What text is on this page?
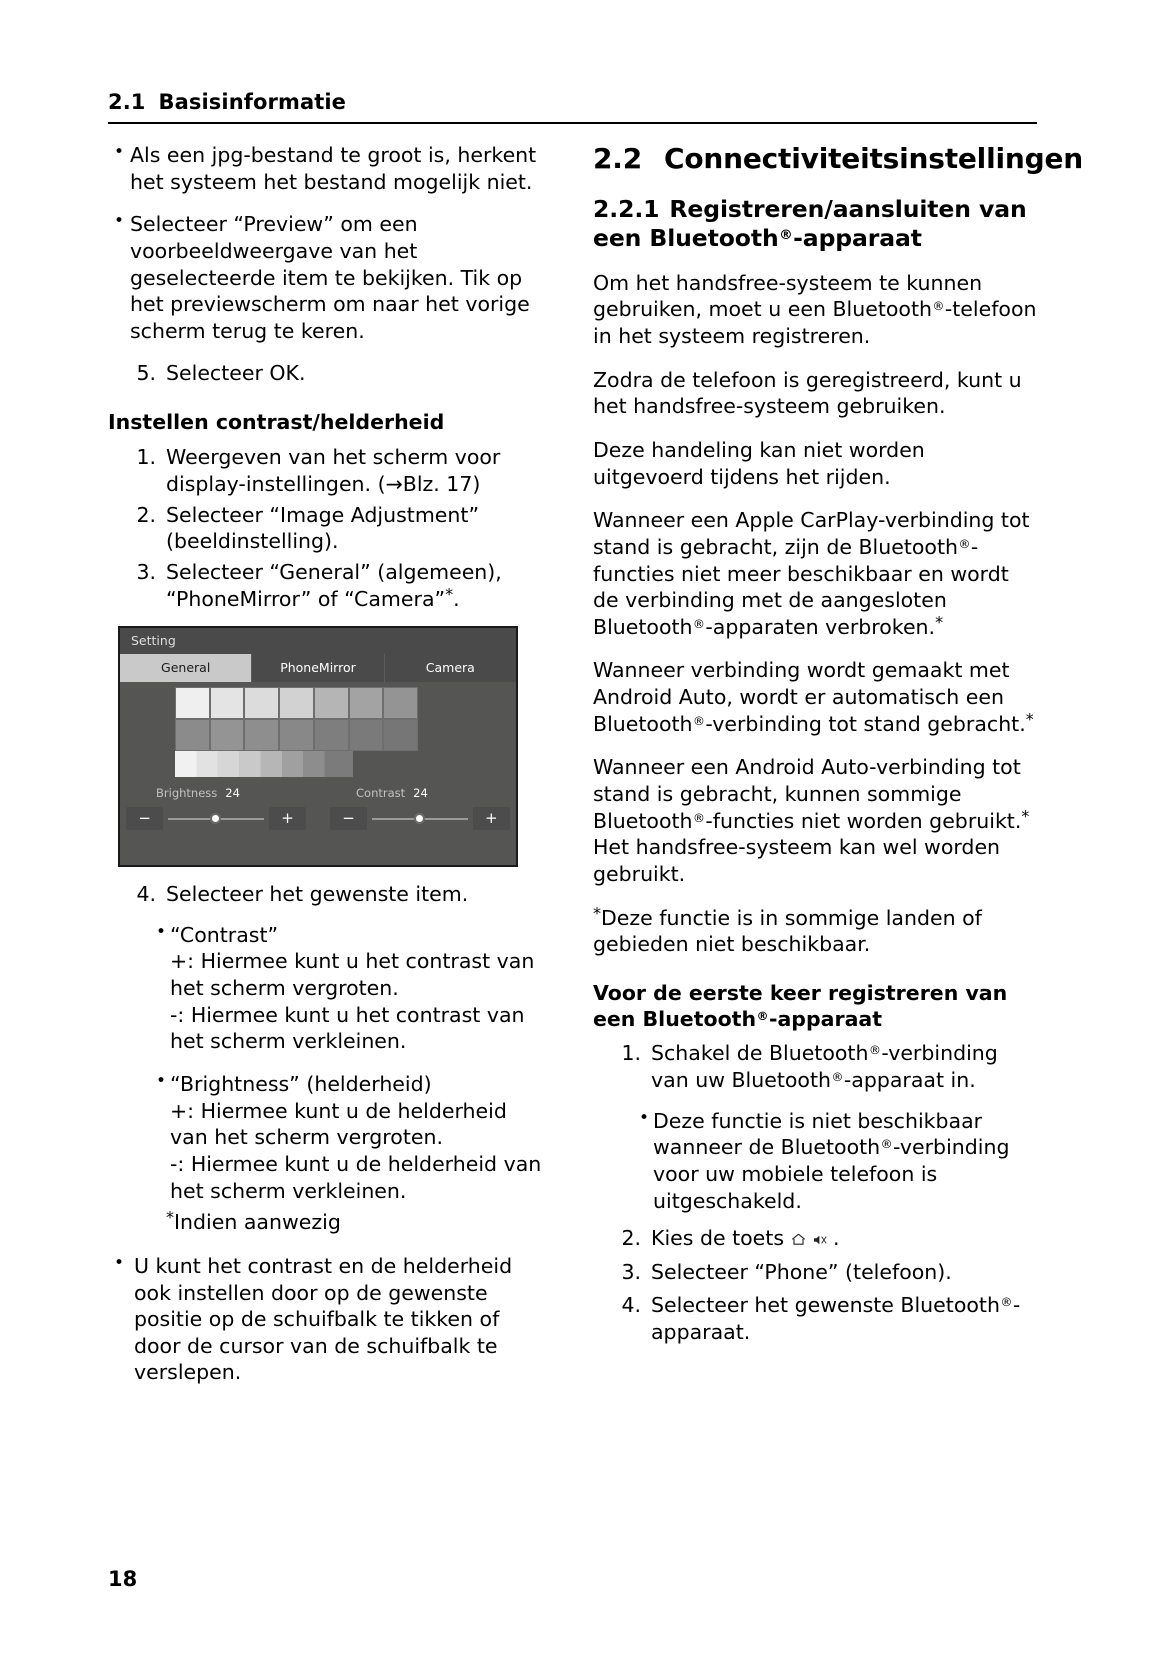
2.1 Basisinformatie
• Als een jpg-bestand te groot is, herkent het systeem het bestand mogelijk niet.
• Selecteer “Preview” om een voorbeeldweergave van het geselecteerde item te bekijken. Tik op het previewscherm om naar het vorige scherm terug te keren.
5. Selecteer OK.
Instellen contrast/helderheid
1. Weergeven van het scherm voor display-instellingen. (→Blz. 17)
2. Selecteer “Image Adjustment” (beeldinstelling).
3. Selecteer “General” (algemeen), “PhoneMirror” of “Camera”*.
Setting
General	PhoneMirror	Camera
Brightness 24	Contrast 24
−	+	−	+
4. Selecteer het gewenste item.
• “Contrast”
+: Hiermee kunt u het contrast van het scherm vergroten.
-: Hiermee kunt u het contrast van het scherm verkleinen.
• “Brightness” (helderheid)
+: Hiermee kunt u de helderheid van het scherm vergroten.
-: Hiermee kunt u de helderheid van het scherm verkleinen.
*Indien aanwezig
• U kunt het contrast en de helderheid ook instellen door op de gewenste positie op de schuifbalk te tikken of door de cursor van de schuifbalk te verslepen.
2.2 Connectiviteitsinstellingen
2.2.1 Registreren/aansluiten van een Bluetooth®-apparaat

Om het handsfree-systeem te kunnen gebruiken, moet u een Bluetooth®-telefoon in het systeem registreren.

Zodra de telefoon is geregistreerd, kunt u het handsfree-systeem gebruiken.

Deze handeling kan niet worden uitgevoerd tijdens het rijden.

Wanneer een Apple CarPlay-verbinding tot stand is gebracht, zijn de Bluetooth®-functies niet meer beschikbaar en wordt de verbinding met de aangesloten Bluetooth®-apparaten verbroken.*

Wanneer verbinding wordt gemaakt met Android Auto, wordt er automatisch een Bluetooth®-verbinding tot stand gebracht.*

Wanneer een Android Auto-verbinding tot stand is gebracht, kunnen sommige Bluetooth®-functies niet worden gebruikt.* Het handsfree-systeem kan wel worden gebruikt.

*Deze functie is in sommige landen of gebieden niet beschikbaar.

Voor de eerste keer registreren van een Bluetooth®-apparaat
1. Schakel de Bluetooth®-verbinding van uw Bluetooth®-apparaat in.
• Deze functie is niet beschikbaar wanneer de Bluetooth®-verbinding voor uw mobiele telefoon is uitgeschakeld.
2. Kies de toets .
3. Selecteer “Phone” (telefoon).
4. Selecteer het gewenste Bluetooth®-apparaat.
18
